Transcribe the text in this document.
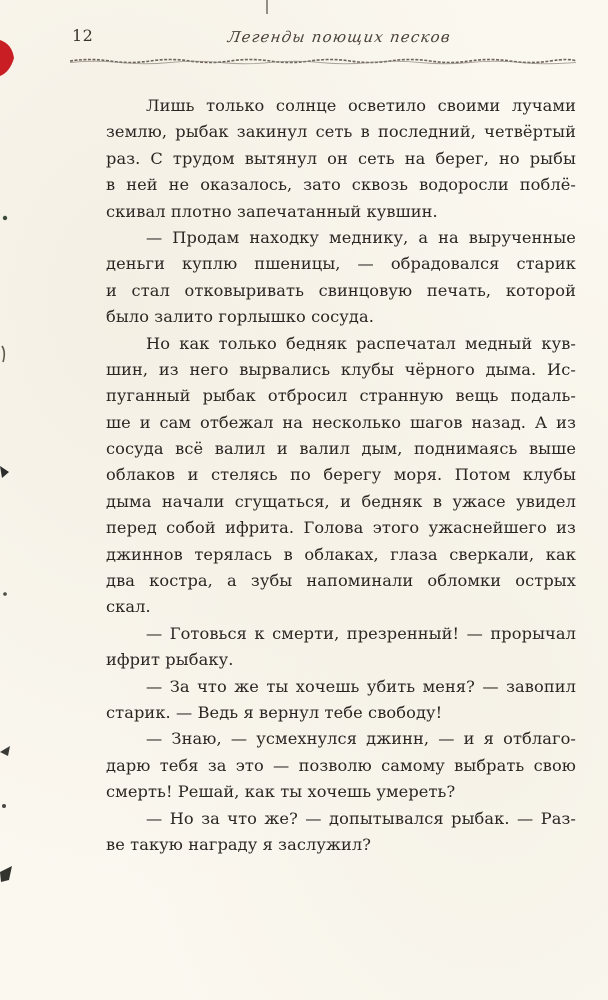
12	Легенды поющих песков
Лишь только солнце осветило своими лучами
землю, рыбак закинул сеть в последний, четвёртый
раз. С трудом вытянул он сеть на берег, но рыбы
в ней не оказалось, зато сквозь водоросли поблё-
скивал плотно запечатанный кувшин.
— Продам находку меднику, а на вырученные
деньги куплю пшеницы, — обрадовался старик
и стал отковыривать свинцовую печать, которой
было залито горлышко сосуда.
Но как только бедняк распечатал медный кув-
шин, из него вырвались клубы чёрного дыма. Ис-
пуганный рыбак отбросил странную вещь подаль-
ше и сам отбежал на несколько шагов назад. А из
сосуда всё валил и валил дым, поднимаясь выше
облаков и стелясь по берегу моря. Потом клубы
дыма начали сгущаться, и бедняк в ужасе увидел
перед собой ифрита. Голова этого ужаснейшего из
джиннов терялась в облаках, глаза сверкали, как
два костра, а зубы напоминали обломки острых
скал.
— Готовься к смерти, презренный! — прорычал
ифрит рыбаку.
— За что же ты хочешь убить меня? — завопил
старик. — Ведь я вернул тебе свободу!
— Знаю, — усмехнулся джинн, — и я отблаго-
дарю тебя за это — позволю самому выбрать свою
смерть! Решай, как ты хочешь умереть?
— Но за что же? — допытывался рыбак. — Раз-
ве такую награду я заслужил?
